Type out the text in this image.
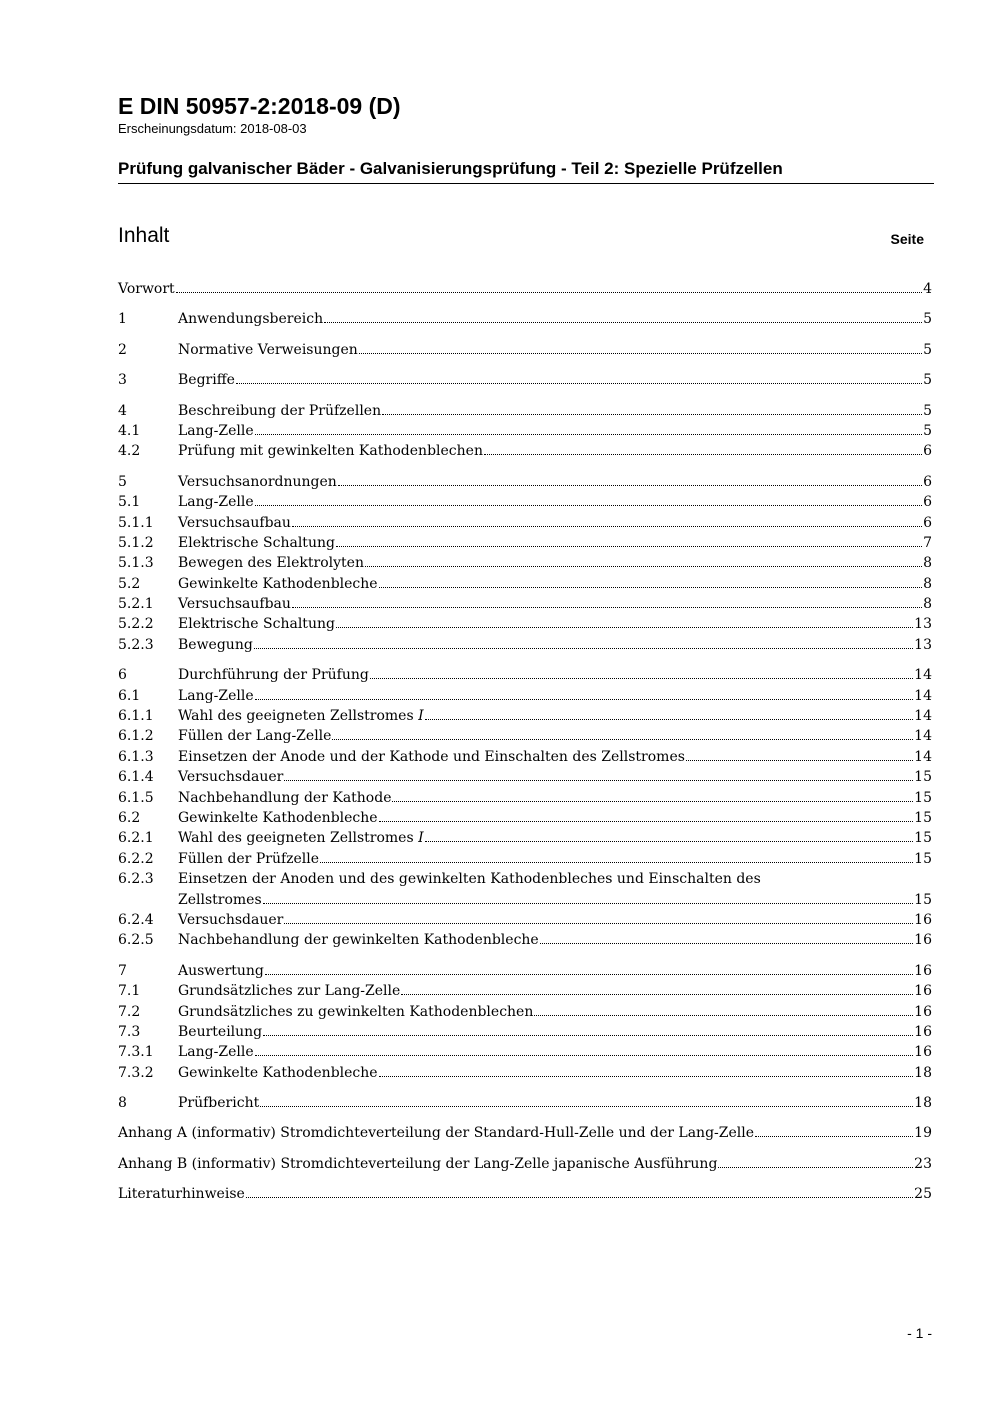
E DIN 50957-2:2018-09 (D)
Erscheinungsdatum: 2018-08-03
Prüfung galvanischer Bäder - Galvanisierungsprüfung - Teil 2: Spezielle Prüfzellen
Inhalt	Seite
Vorwort	4
1	Anwendungsbereich	5
2	Normative Verweisungen	5
3	Begriffe	5
4	Beschreibung der Prüfzellen	5
4.1	Lang-Zelle	5
4.2	Prüfung mit gewinkelten Kathodenblechen	6
5	Versuchsanordnungen	6
5.1	Lang-Zelle	6
5.1.1	Versuchsaufbau	6
5.1.2	Elektrische Schaltung	7
5.1.3	Bewegen des Elektrolyten	8
5.2	Gewinkelte Kathodenbleche	8
5.2.1	Versuchsaufbau	8
5.2.2	Elektrische Schaltung	13
5.2.3	Bewegung	13
6	Durchführung der Prüfung	14
6.1	Lang-Zelle	14
6.1.1	Wahl des geeigneten Zellstromes I	14
6.1.2	Füllen der Lang-Zelle	14
6.1.3	Einsetzen der Anode und der Kathode und Einschalten des Zellstromes	14
6.1.4	Versuchsdauer	15
6.1.5	Nachbehandlung der Kathode	15
6.2	Gewinkelte Kathodenbleche	15
6.2.1	Wahl des geeigneten Zellstromes I	15
6.2.2	Füllen der Prüfzelle	15
6.2.3	Einsetzen der Anoden und des gewinkelten Kathodenbleches und Einschalten des
Zellstromes	15
6.2.4	Versuchsdauer	16
6.2.5	Nachbehandlung der gewinkelten Kathodenbleche	16
7	Auswertung	16
7.1	Grundsätzliches zur Lang-Zelle	16
7.2	Grundsätzliches zu gewinkelten Kathodenblechen	16
7.3	Beurteilung	16
7.3.1	Lang-Zelle	16
7.3.2	Gewinkelte Kathodenbleche	18
8	Prüfbericht	18
Anhang A (informativ) Stromdichteverteilung der Standard-Hull-Zelle und der Lang-Zelle	19
Anhang B (informativ) Stromdichteverteilung der Lang-Zelle japanische Ausführung	23
Literaturhinweise	25
- 1 -
